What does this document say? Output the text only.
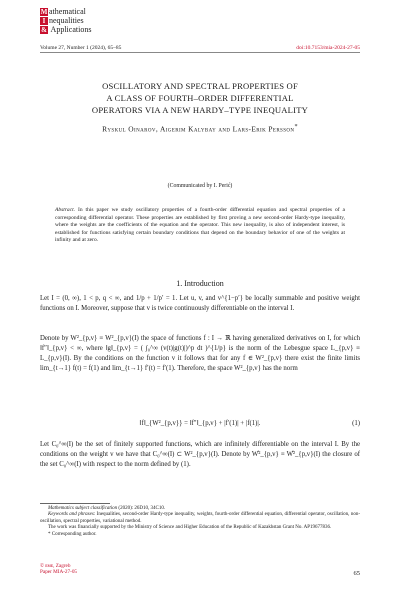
M athematical
I nequalities
& Applications
Volume 27, Number 1 (2024), 65–85	doi:10.7153/mia-2024-27-05
OSCILLATORY AND SPECTRAL PROPERTIES OF
A CLASS OF FOURTH–ORDER DIFFERENTIAL
OPERATORS VIA A NEW HARDY–TYPE INEQUALITY
Ryskul Oinarov, Aigerim Kalybay and Lars-Erik Persson*
(Communicated by I. Perić)
Abstract. In this paper we study oscillatory properties of a fourth-order differential equation and spectral properties of a corresponding differential operator. These properties are established by first proving a new second-order Hardy-type inequality, where the weights are the coefficients of the equation and the operator. This new inequality, is also of independent interest, is established for functions satisfying certain boundary conditions that depend on the boundary behavior of one of the weights at infinity and at zero.
1. Introduction
Let I = (0, ∞), 1 < p, q < ∞, and 1/p + 1/p′ = 1. Let u, v, and v^{1−p′} be locally summable and positive weight functions on I. Moreover, suppose that v is twice continuously differentiable on the interval I.
Denote by W²_{p,v} ≡ W²_{p,v}(I) the space of functions f : I → ℝ having generalized derivatives on I, for which ‖f″‖_{p,v} < ∞, where ‖g‖_{p,v} = ( ∫₀^∞ (v(t)|g(t)|)^p dt )^{1/p} is the norm of the Lebesgue space L_{p,v} ≡ L_{p,v}(I). By the conditions on the function v it follows that for any f ∈ W²_{p,v} there exist the finite limits lim_{t→1} f(t) = f(1) and lim_{t→1} f′(t) = f′(1). Therefore, the space W²_{p,v} has the norm
‖f‖_{W²_{p,v}} = ‖f″‖_{p,v} + |f′(1)| + |f(1)|.	(1)
Let C₀^∞(I) be the set of finitely supported functions, which are infinitely differentiable on the interval I. By the conditions on the weight v we have that C₀^∞(I) ⊂ W²_{p,v}(I). Denote by W̊²_{p,v} ≡ W̊²_{p,v}(I) the closure of the set C₀^∞(I) with respect to the norm defined by (1).
Mathematics subject classification (2020): 26D10, 34C10.
Keywords and phrases: Inequalities, second-order Hardy-type inequality, weights, fourth-order differential equation, differential operator, oscillation, non-oscillation, spectral properties, variational method.
The work was financially supported by the Ministry of Science and Higher Education of the Republic of Kazakhstan Grant No. AP19677836.
* Corresponding author.
© ᴇᴍᴇ, Zagreb
Paper MIA-27-05	65
